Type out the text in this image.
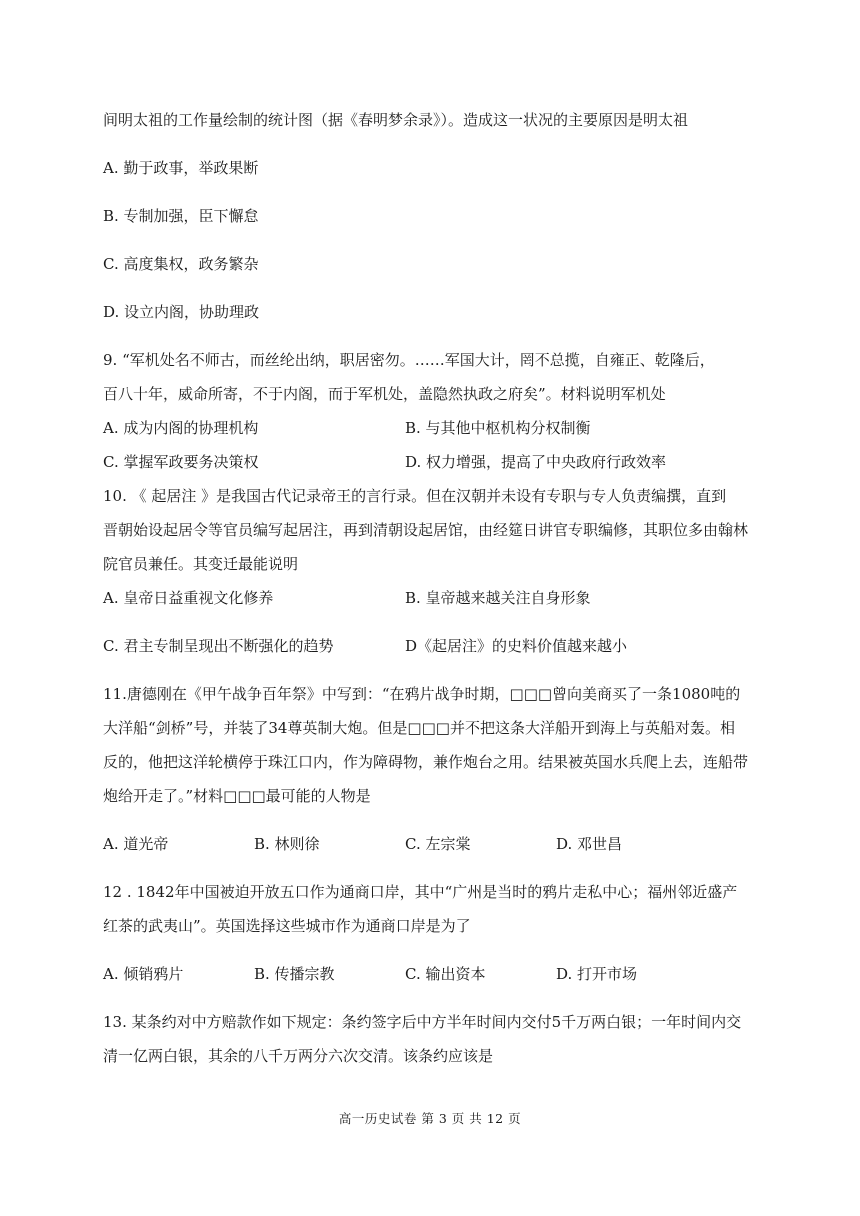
间明太祖的工作量绘制的统计图（据《春明梦余录》）。造成这一状况的主要原因是明太祖
A. 勤于政事，举政果断
B. 专制加强，臣下懈怠
C. 高度集权，政务繁杂
D. 设立内阁，协助理政
9. “军机处名不师古，而丝纶出纳，职居密勿。……军国大计，罔不总揽，自雍正、乾隆后，
百八十年，威命所寄，不于内阁，而于军机处，盖隐然执政之府矣”。材料说明军机处
A. 成为内阁的协理机构	B. 与其他中枢机构分权制衡
C. 掌握军政要务决策权	D. 权力增强，提高了中央政府行政效率
10. 《 起居注 》是我国古代记录帝王的言行录。但在汉朝并未设有专职与专人负责编撰，直到
晋朝始设起居令等官员编写起居注，再到清朝设起居馆，由经筵日讲官专职编修，其职位多由翰林
院官员兼任。其变迁最能说明
A. 皇帝日益重视文化修养	B. 皇帝越来越关注自身形象
C. 君主专制呈现出不断强化的趋势	D《起居注》的史料价值越来越小
11.唐德刚在《甲午战争百年祭》中写到：“在鸦片战争时期，□□□曾向美商买了一条1080吨的
大洋船“剑桥”号，并装了34尊英制大炮。但是□□□并不把这条大洋船开到海上与英船对轰。相
反的，他把这洋轮横停于珠江口内，作为障碍物，兼作炮台之用。结果被英国水兵爬上去，连船带
炮给开走了。”材料□□□最可能的人物是
A. 道光帝	B. 林则徐	C. 左宗棠	D. 邓世昌
12 . 1842年中国被迫开放五口作为通商口岸，其中“广州是当时的鸦片走私中心；福州邻近盛产
红茶的武夷山”。英国选择这些城市作为通商口岸是为了
A. 倾销鸦片	B. 传播宗教	C. 输出资本	D. 打开市场
13. 某条约对中方赔款作如下规定：条约签字后中方半年时间内交付5千万两白银；一年时间内交
清一亿两白银，其余的八千万两分六次交清。该条约应该是
高一历史试卷 第 3 页 共 12 页
